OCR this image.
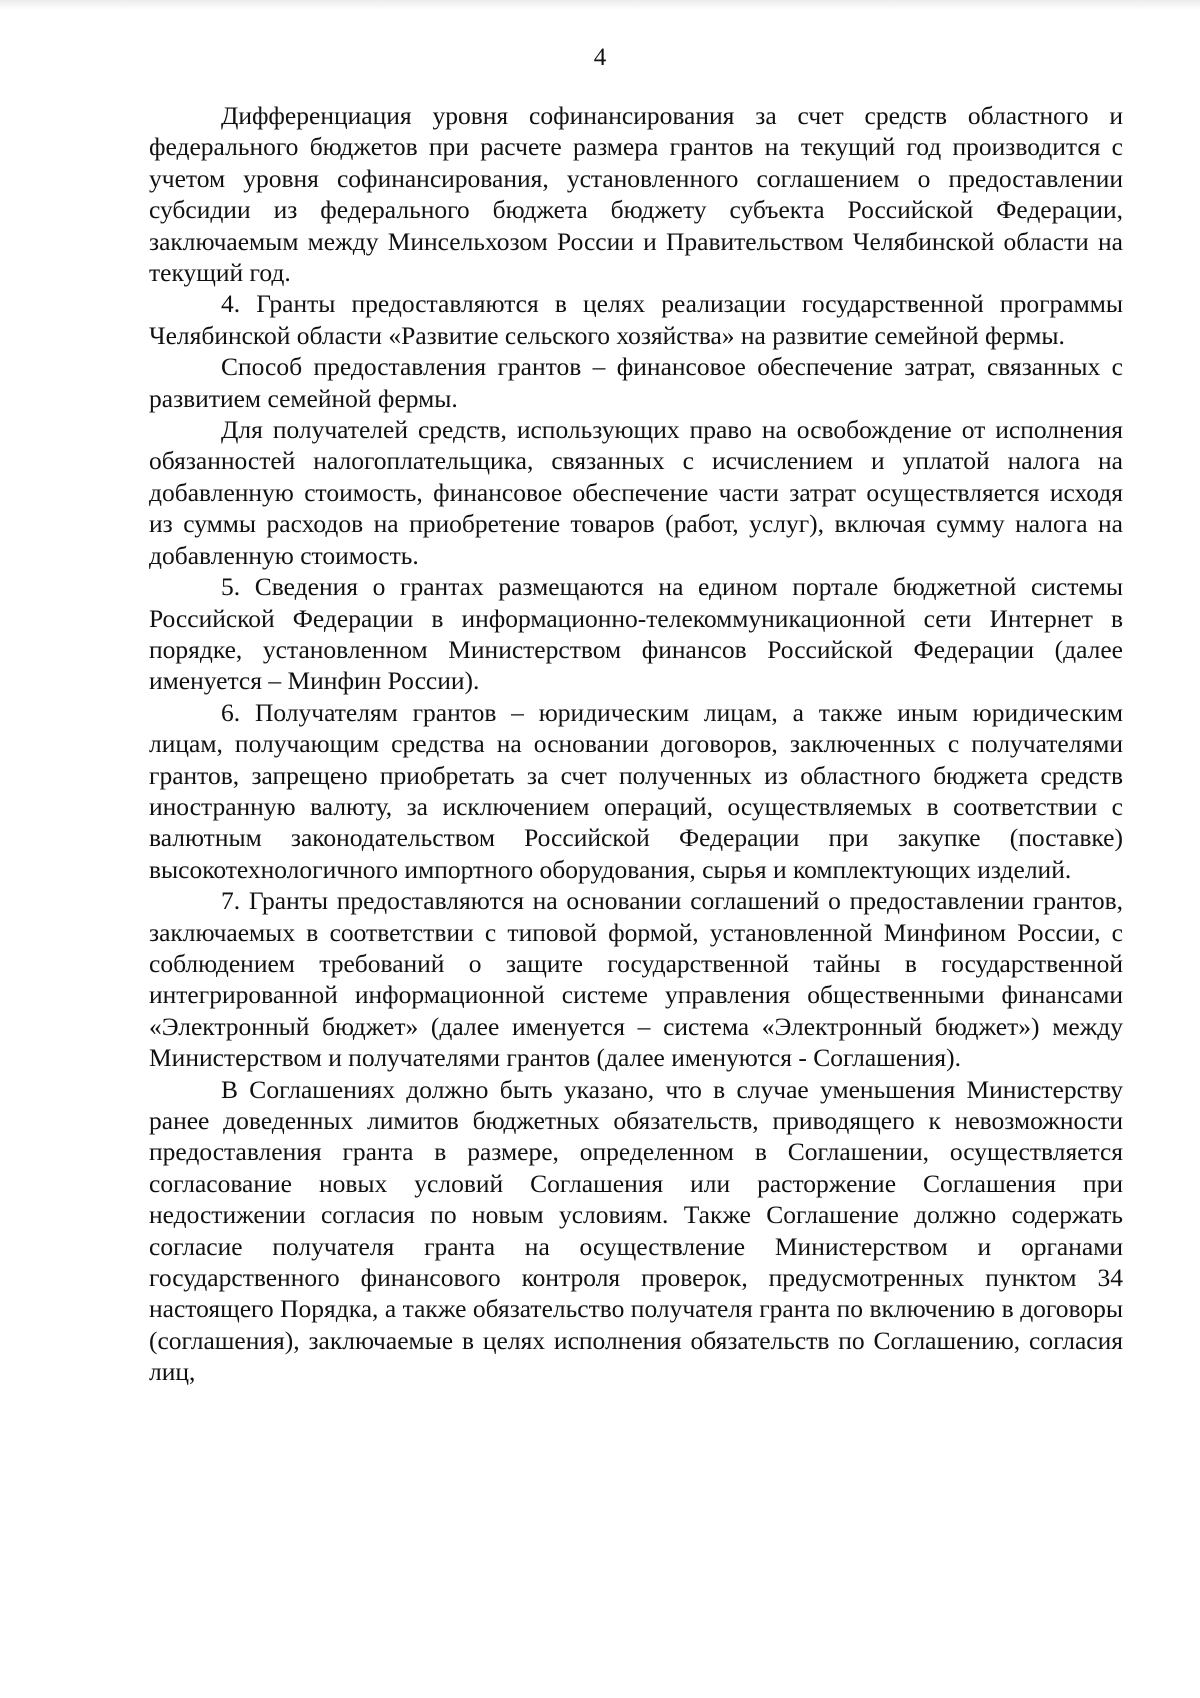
4

Дифференциация уровня софинансирования за счет средств областного и федерального бюджетов при расчете размера грантов на текущий год производится с учетом уровня софинансирования, установленного соглашением о предоставлении субсидии из федерального бюджета бюджету субъекта Российской Федерации, заключаемым между Минсельхозом России и Правительством Челябинской области на текущий год.

4. Гранты предоставляются в целях реализации государственной программы Челябинской области «Развитие сельского хозяйства» на развитие семейной фермы.

Способ предоставления грантов – финансовое обеспечение затрат, связанных с развитием семейной фермы.

Для получателей средств, использующих право на освобождение от исполнения обязанностей налогоплательщика, связанных с исчислением и уплатой налога на добавленную стоимость, финансовое обеспечение части затрат осуществляется исходя из суммы расходов на приобретение товаров (работ, услуг), включая сумму налога на добавленную стоимость.

5. Сведения о грантах размещаются на едином портале бюджетной системы Российской Федерации в информационно-телекоммуникационной сети Интернет в порядке, установленном Министерством финансов Российской Федерации (далее именуется – Минфин России).

6. Получателям грантов – юридическим лицам, а также иным юридическим лицам, получающим средства на основании договоров, заключенных с получателями грантов, запрещено приобретать за счет полученных из областного бюджета средств иностранную валюту, за исключением операций, осуществляемых в соответствии с валютным законодательством Российской Федерации при закупке (поставке) высокотехнологичного импортного оборудования, сырья и комплектующих изделий.

7. Гранты предоставляются на основании соглашений о предоставлении грантов, заключаемых в соответствии с типовой формой, установленной Минфином России, с соблюдением требований о защите государственной тайны в государственной интегрированной информационной системе управления общественными финансами «Электронный бюджет» (далее именуется – система «Электронный бюджет») между Министерством и получателями грантов (далее именуются - Соглашения).

В Соглашениях должно быть указано, что в случае уменьшения Министерству ранее доведенных лимитов бюджетных обязательств, приводящего к невозможности предоставления гранта в размере, определенном в Соглашении, осуществляется согласование новых условий Соглашения или расторжение Соглашения при недостижении согласия по новым условиям. Также Соглашение должно содержать согласие получателя гранта на осуществление Министерством и органами государственного финансового контроля проверок, предусмотренных пунктом 34 настоящего Порядка, а также обязательство получателя гранта по включению в договоры (соглашения), заключаемые в целях исполнения обязательств по Соглашению, согласия лиц,
